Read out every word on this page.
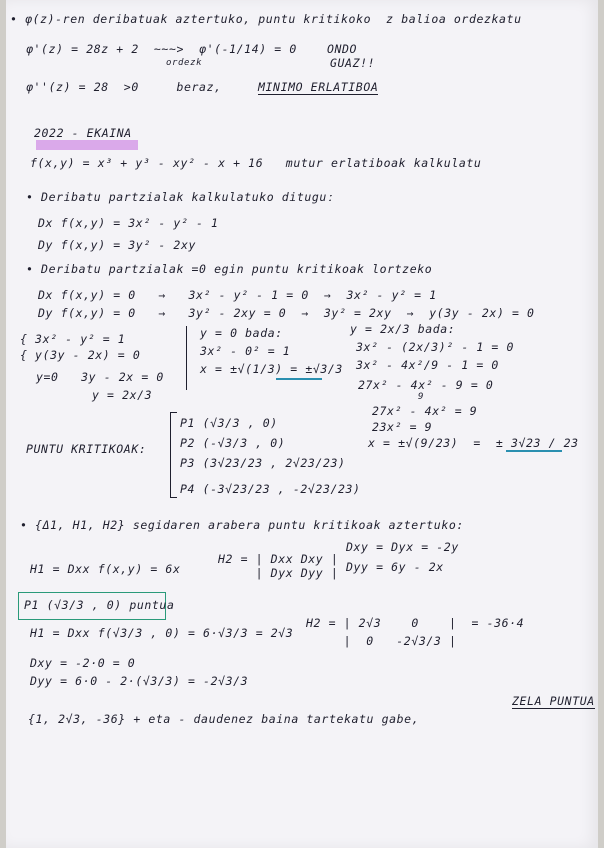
• φ(z)-ren deribatuak aztertuko, puntu kritikoko  z balioa ordezkatu
φ'(z) = 28z + 2  ~~~>  φ'(-1/14) = 0    ONDO
ordezk	GUAZ!!
φ''(z) = 28  >0     beraz,	MINIMO ERLATIBOA
2022 - EKAINA
f(x,y) = x³ + y³ - xy² - x + 16   mutur erlatiboak kalkulatu
• Deribatu partzialak kalkulatuko dituguː
Dx f(x,y) = 3x² - y² - 1
Dy f(x,y) = 3y² - 2xy
• Deribatu partzialak =0 egin puntu kritikoak lortzeko
Dx f(x,y) = 0   →   3x² - y² - 1 = 0  →  3x² - y² = 1
Dy f(x,y) = 0   →   3y² - 2xy = 0  →  3y² = 2xy  →  y(3y - 2x) = 0
{ 3x² - y² = 1
{ y(3y - 2x) = 0
y=0   3y - 2x = 0
y = 2x/3
y = 0 bada:
3x² - 0² = 1
x = ±√(1/3) = ±√3/3
y = 2x/3 bada:
3x² - (2x/3)² - 1 = 0
3x² - 4x²/9 - 1 = 0
27x² - 4x² - 9 = 0
9
27x² - 4x² = 9
23x² = 9
x = ±√(9/23)  =  ± 3√23 / 23
PUNTU KRITIKOAK:
P1 (√3/3 , 0)
P2 (-√3/3 , 0)
P3 (3√23/23 , 2√23/23)
P4 (-3√23/23 , -2√23/23)
• {Δ1, H1, H2} segidaren arabera puntu kritikoak aztertuko:
H1 = Dxx f(x,y) = 6x
H2 = | Dxx Dxy |
| Dyx Dyy |
Dxy = Dyx = -2y
Dyy = 6y - 2x
P1 (√3/3 , 0) puntua
H1 = Dxx f(√3/3 , 0) = 6·√3/3 = 2√3
H2 = | 2√3    0    |  = -36·4
|  0   -2√3/3 |
Dxy = -2·0 = 0
Dyy = 6·0 - 2·(√3/3) = -2√3/3
{1, 2√3, -36} + eta - daudenez baina tartekatu gabe,
ZELA PUNTUA
